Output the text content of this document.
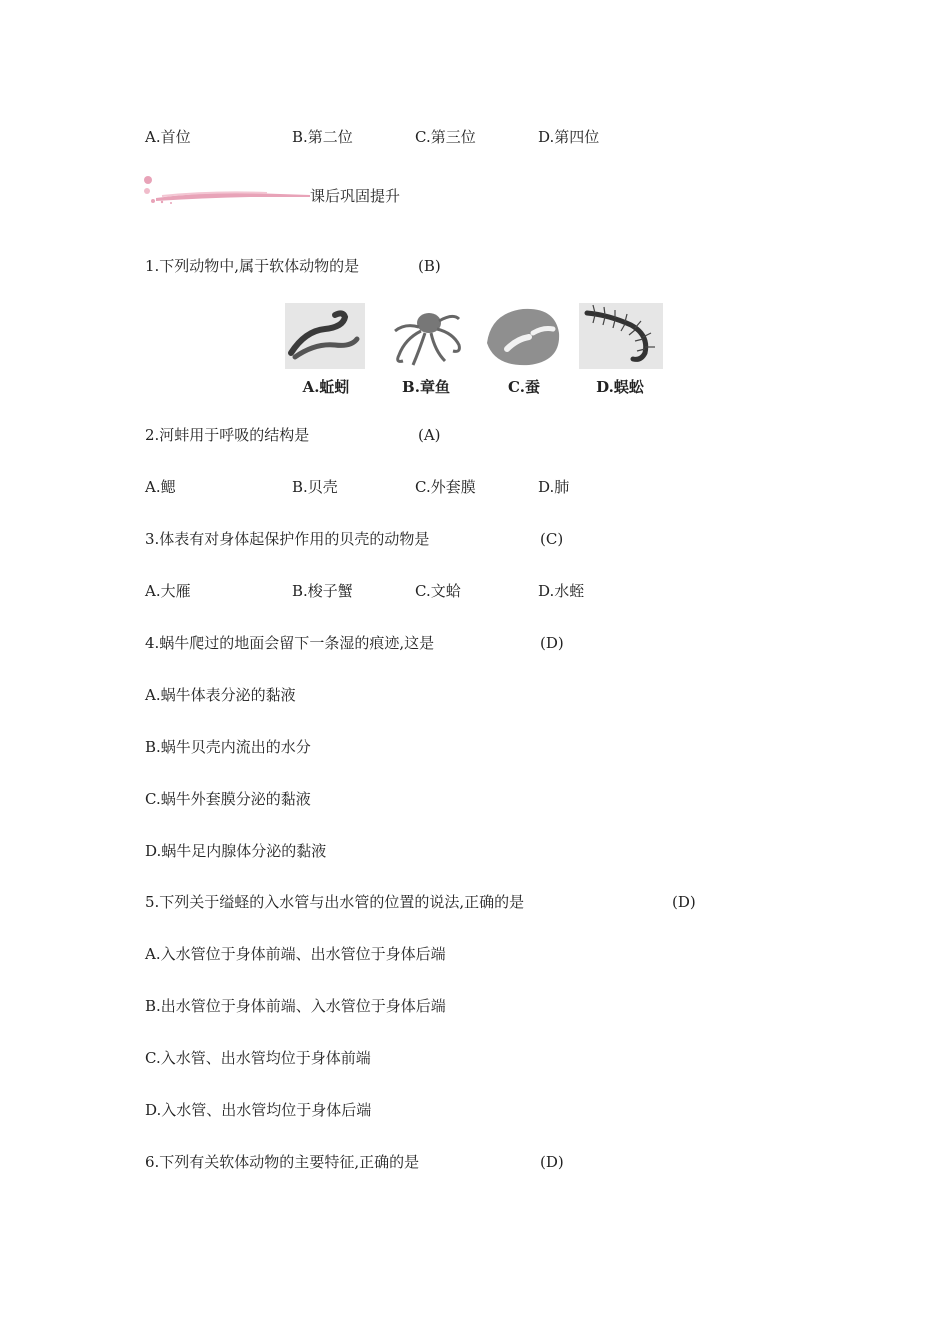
A.首位	B.第二位	C.第三位	D.第四位
课后巩固提升
1.下列动物中,属于软体动物的是	(B)
A.蚯蚓	B.章鱼	C.蚕	D.蜈蚣
2.河蚌用于呼吸的结构是	(A)
A.鳃	B.贝壳	C.外套膜	D.肺
3.体表有对身体起保护作用的贝壳的动物是	(C)
A.大雁	B.梭子蟹	C.文蛤	D.水蛭
4.蜗牛爬过的地面会留下一条湿的痕迹,这是	(D)
A.蜗牛体表分泌的黏液
B.蜗牛贝壳内流出的水分
C.蜗牛外套膜分泌的黏液
D.蜗牛足内腺体分泌的黏液
5.下列关于缢蛏的入水管与出水管的位置的说法,正确的是	(D)
A.入水管位于身体前端、出水管位于身体后端
B.出水管位于身体前端、入水管位于身体后端
C.入水管、出水管均位于身体前端
D.入水管、出水管均位于身体后端
6.下列有关软体动物的主要特征,正确的是	(D)
